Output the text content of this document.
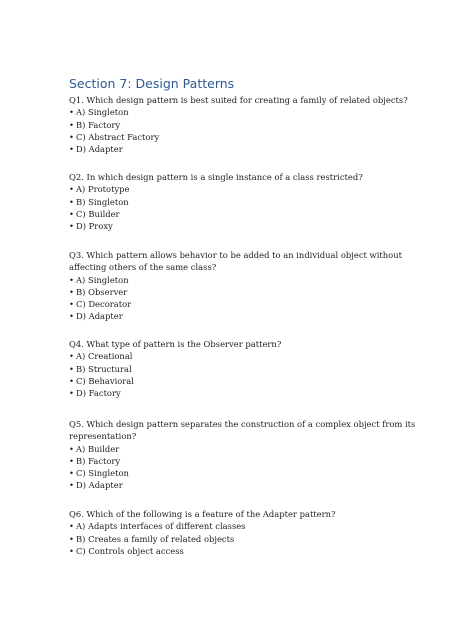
Section 7: Design Patterns
Q1. Which design pattern is best suited for creating a family of related objects?
• A) Singleton
• B) Factory
• C) Abstract Factory
• D) Adapter
Q2. In which design pattern is a single instance of a class restricted?
• A) Prototype
• B) Singleton
• C) Builder
• D) Proxy
Q3. Which pattern allows behavior to be added to an individual object without affecting others of the same class?
• A) Singleton
• B) Observer
• C) Decorator
• D) Adapter
Q4. What type of pattern is the Observer pattern?
• A) Creational
• B) Structural
• C) Behavioral
• D) Factory
Q5. Which design pattern separates the construction of a complex object from its representation?
• A) Builder
• B) Factory
• C) Singleton
• D) Adapter
Q6. Which of the following is a feature of the Adapter pattern?
• A) Adapts interfaces of different classes
• B) Creates a family of related objects
• C) Controls object access
